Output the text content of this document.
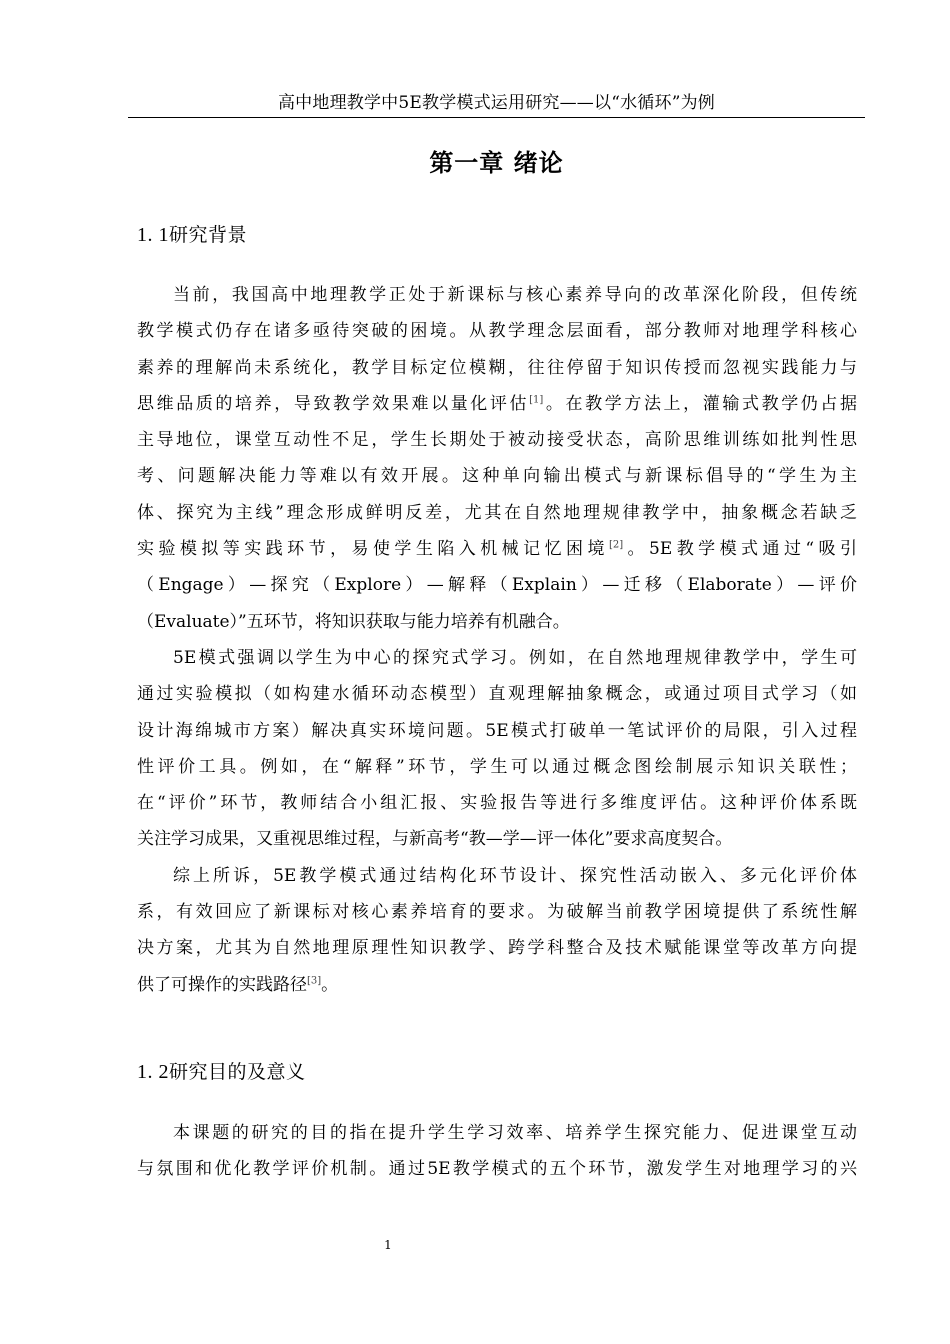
高中地理教学中5E教学模式运用研究——以“水循环”为例
第一章 绪论
1. 1研究背景
当前，我国高中地理教学正处于新课标与核心素养导向的改革深化阶段，但传统
教学模式仍存在诸多亟待突破的困境。从教学理念层面看，部分教师对地理学科核心
素养的理解尚未系统化，教学目标定位模糊，往往停留于知识传授而忽视实践能力与
思维品质的培养，导致教学效果难以量化评估[1]。在教学方法上，灌输式教学仍占据
主导地位，课堂互动性不足，学生长期处于被动接受状态，高阶思维训练如批判性思
考、问题解决能力等难以有效开展。这种单向输出模式与新课标倡导的“学生为主
体、探究为主线”理念形成鲜明反差，尤其在自然地理规律教学中，抽象概念若缺乏
实验模拟等实践环节，易使学生陷入机械记忆困境[2]。5E教学模式通过“吸引
（Engage）—探究（Explore）—解释（Explain）—迁移（Elaborate）—评价
（Evaluate）”五环节，将知识获取与能力培养有机融合。
5E模式强调以学生为中心的探究式学习。例如，在自然地理规律教学中，学生可
通过实验模拟（如构建水循环动态模型）直观理解抽象概念，或通过项目式学习（如
设计海绵城市方案）解决真实环境问题。5E模式打破单一笔试评价的局限，引入过程
性评价工具。例如，在“解释”环节，学生可以通过概念图绘制展示知识关联性；
在“评价”环节，教师结合小组汇报、实验报告等进行多维度评估。这种评价体系既
关注学习成果，又重视思维过程，与新高考“教—学—评一体化”要求高度契合。
综上所诉，5E教学模式通过结构化环节设计、探究性活动嵌入、多元化评价体
系，有效回应了新课标对核心素养培育的要求。为破解当前教学困境提供了系统性解
决方案，尤其为自然地理原理性知识教学、跨学科整合及技术赋能课堂等改革方向提
供了可操作的实践路径[3]。
1. 2研究目的及意义
本课题的研究的目的指在提升学生学习效率、培养学生探究能力、促进课堂互动
与氛围和优化教学评价机制。通过5E教学模式的五个环节，激发学生对地理学习的兴
1
